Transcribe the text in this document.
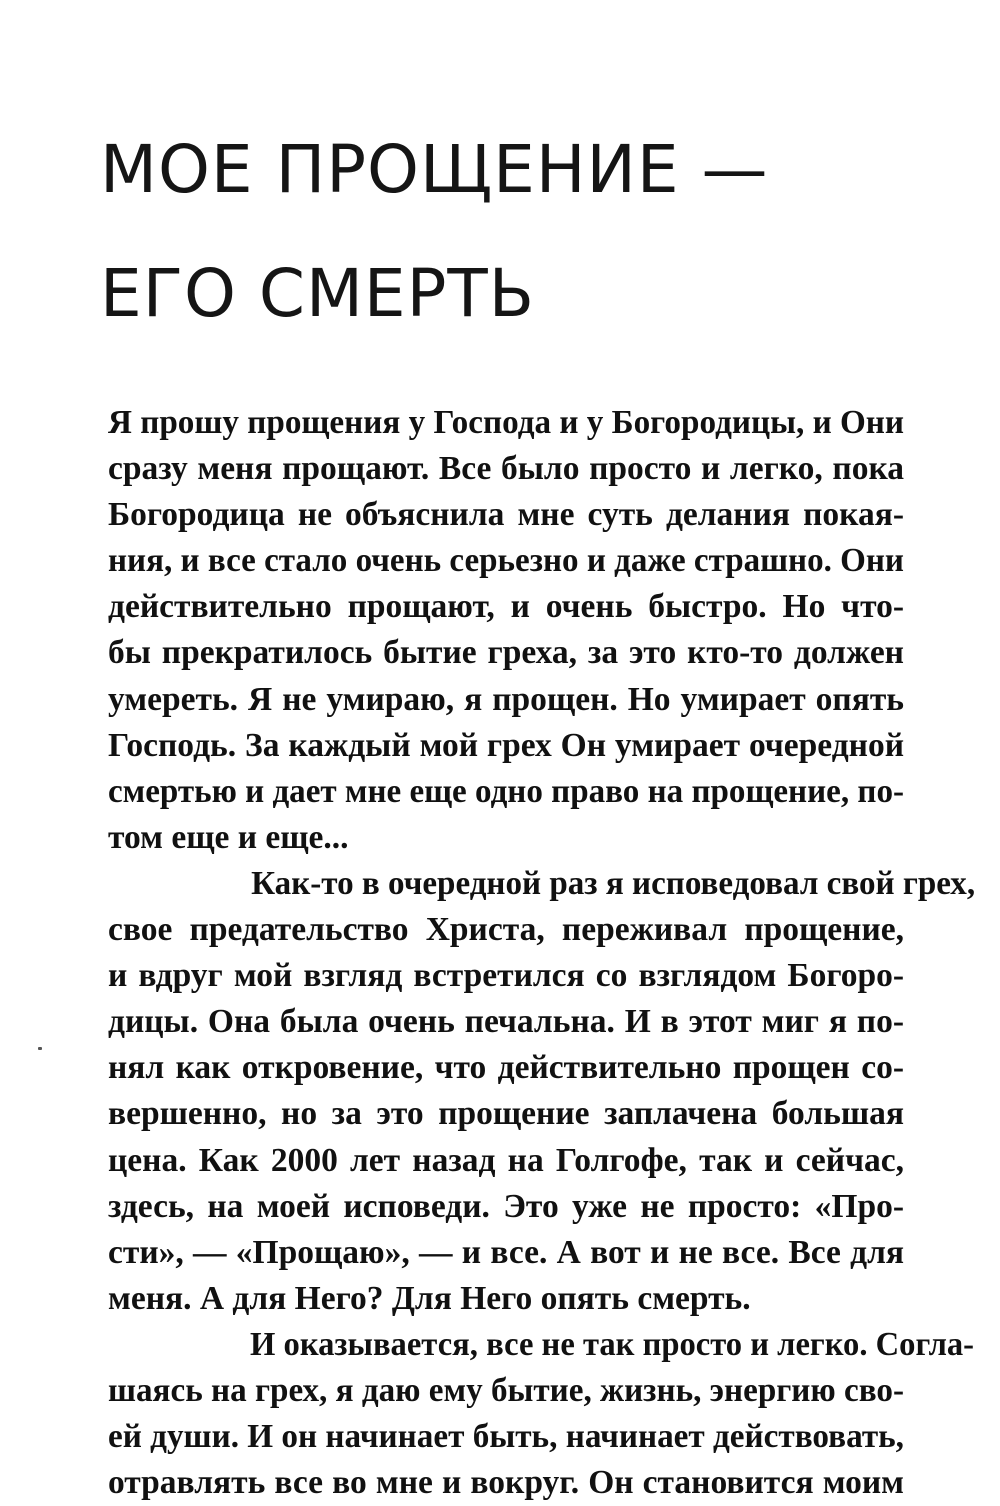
МОЕ ПРОЩЕНИЕ —
ЕГО СМЕРТЬ

Я прошу прощения у Господа и у Богородицы, и Они
сразу меня прощают. Все было просто и легко, пока
Богородица не объяснила мне суть делания покая-
ния, и все стало очень серьезно и даже страшно. Они
действительно прощают, и очень быстро. Но что-
бы прекратилось бытие греха, за это кто-то должен
умереть. Я не умираю, я прощен. Но умирает опять
Господь. За каждый мой грех Он умирает очередной
смертью и дает мне еще одно право на прощение, по-
том еще и еще...

Как-то в очередной раз я исповедовал свой грех,
свое предательство Христа, переживал прощение,
и вдруг мой взгляд встретился со взглядом Богоро-
дицы. Она была очень печальна. И в этот миг я по-
нял как откровение, что действительно прощен со-
вершенно, но за это прощение заплачена большая
цена. Как 2000 лет назад на Голгофе, так и сейчас,
здесь, на моей исповеди. Это уже не просто: «Про-
сти», — «Прощаю», — и все. А вот и не все. Все для
меня. А для Него? Для Него опять смерть.

И оказывается, все не так просто и легко. Согла-
шаясь на грех, я даю ему бытие, жизнь, энергию сво-
ей души. И он начинает быть, начинает действовать,
отравлять все во мне и вокруг. Он становится моим
